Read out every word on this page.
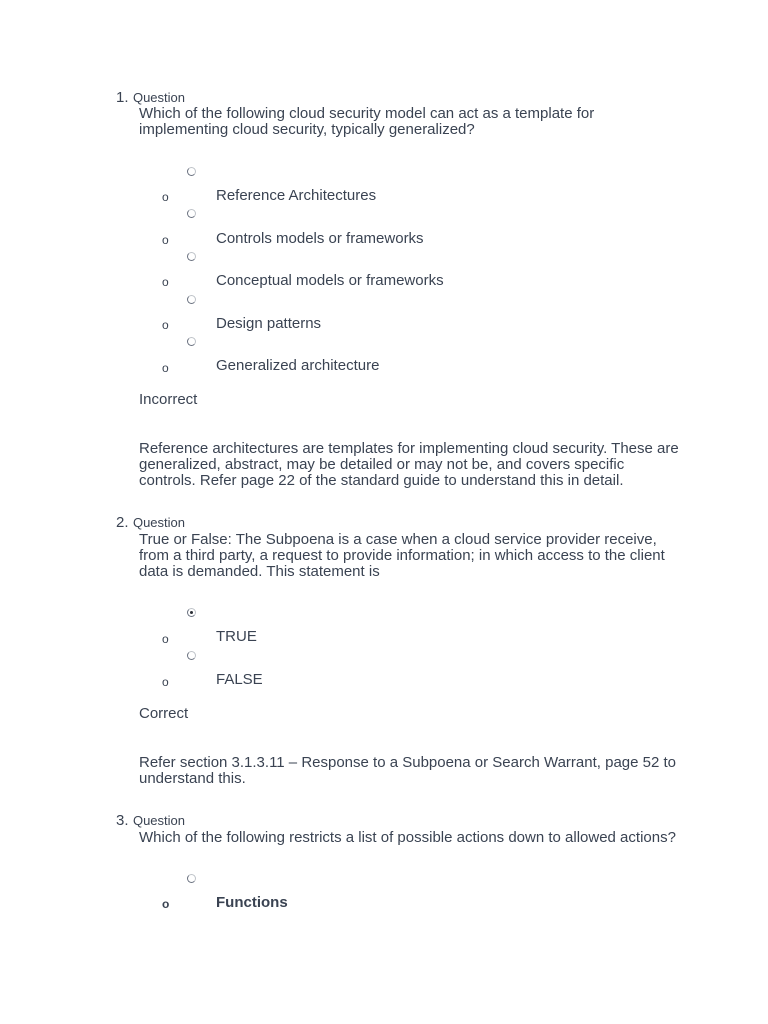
1. Question
Which of the following cloud security model can act as a template for implementing cloud security, typically generalized?
o	Reference Architectures
o	Controls models or frameworks
o	Conceptual models or frameworks
o	Design patterns
o	Generalized architecture
Incorrect
Reference architectures are templates for implementing cloud security. These are generalized, abstract, may be detailed or may not be, and covers specific controls. Refer page 22 of the standard guide to understand this in detail.
2. Question
True or False: The Subpoena is a case when a cloud service provider receive, from a third party, a request to provide information; in which access to the client data is demanded. This statement is
o	TRUE
o	FALSE
Correct
Refer section 3.1.3.11 – Response to a Subpoena or Search Warrant, page 52 to understand this.
3. Question
Which of the following restricts a list of possible actions down to allowed actions?
o	Functions
